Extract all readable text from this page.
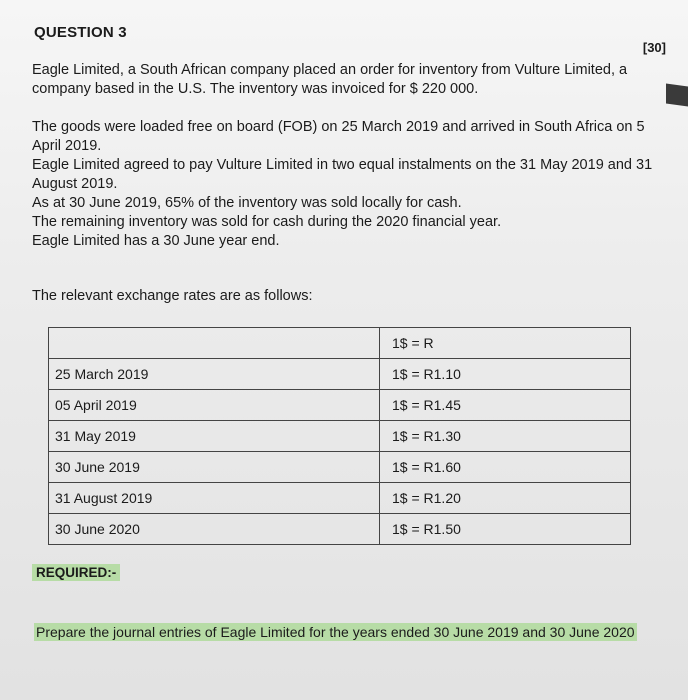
QUESTION 3
[30]
Eagle Limited, a South African company placed an order for inventory from Vulture Limited, a company based in the U.S. The inventory was invoiced for $ 220 000.
The goods were loaded free on board (FOB) on 25 March 2019 and arrived in South Africa on 5 April 2019.
Eagle Limited agreed to pay Vulture Limited in two equal instalments on the 31 May 2019 and 31 August 2019.
As at 30 June 2019, 65% of the inventory was sold locally for cash.
The remaining inventory was sold for cash during the 2020 financial year.
Eagle Limited has a 30 June year end.
The relevant exchange rates are as follows:
	1$ = R
25 March 2019	1$ = R1.10
05 April 2019	1$ = R1.45
31 May 2019	1$ = R1.30
30 June 2019	1$ = R1.60
31 August 2019	1$ = R1.20
30 June 2020	1$ = R1.50
REQUIRED:-
Prepare the journal entries of Eagle Limited for the years ended 30 June 2019 and 30 June 2020
